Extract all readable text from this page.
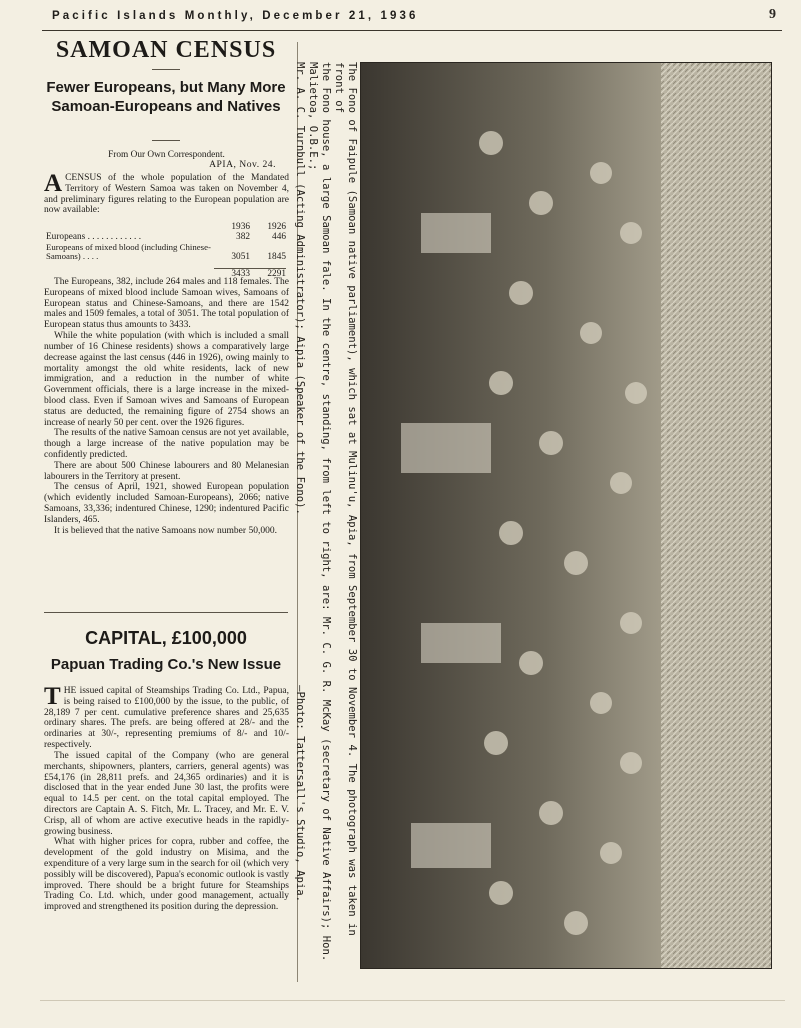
Pacific Islands Monthly, December 21, 1936	9
SAMOAN CENSUS
Fewer Europeans, but Many More Samoan-Europeans and Natives
From Our Own Correspondent.
APIA, Nov. 24.

ACENSUS of the whole population of the Mandated Territory of Western Samoa was taken on November 4, and preliminary figures relating to the European population are now available:

1936	1926
Europeans . . . . . . . . . . . .	382	446
Europeans of mixed blood (including Chinese-Samoans) . . . .	3051	1845
3433	2291

The Europeans, 382, include 264 males and 118 females. The Europeans of mixed blood include Samoan wives, Samoans of European status and Chinese-Samoans, and there are 1542 males and 1509 females, a total of 3051. The total population of European status thus amounts to 3433.

While the white population (with which is included a small number of 16 Chinese residents) shows a comparatively large decrease against the last census (446 in 1926), owing mainly to mortality amongst the old white residents, lack of new immigration, and a reduction in the number of white Government officials, there is a large increase in the mixed-blood class. Even if Samoan wives and Samoans of European status are deducted, the remaining figure of 2754 shows an increase of nearly 50 per cent. over the 1926 figures.

The results of the native Samoan census are not yet available, though a large increase of the native population may be confidently predicted.

There are about 500 Chinese labourers and 80 Melanesian labourers in the Territory at present.

The census of April, 1921, showed European population (which evidently included Samoan-Europeans), 2066; native Samoans, 33,336; indentured Chinese, 1290; indentured Pacific Islanders, 465.

It is believed that the native Samoans now number 50,000.

CAPITAL, £100,000
Papuan Trading Co.'s New Issue

THE issued capital of Steamships Trading Co. Ltd., Papua, is being raised to £100,000 by the issue, to the public, of 28,189 7 per cent. cumulative preference shares and 25,635 ordinary shares. The prefs. are being offered at 28/- and the ordinaries at 30/-, representing premiums of 8/- and 10/- respectively.

The issued capital of the Company (who are general merchants, shipowners, planters, carriers, general agents) was £54,176 (in 28,811 prefs. and 24,365 ordinaries) and it is disclosed that in the year ended June 30 last, the profits were equal to 14.5 per cent. on the total capital employed. The directors are Captain A. S. Fitch, Mr. L. Tracey, and Mr. E. V. Crisp, all of whom are active executive heads in the rapidly-growing business.

What with higher prices for copra, rubber and coffee, the development of the gold industry on Misima, and the expenditure of a very large sum in the search for oil (which very possibly will be discovered), Papua's economic outlook is vastly improved. There should be a bright future for Steamships Trading Co. Ltd. which, under good management, actually improved and strengthened its position during the depression.	The Fono of Faipule (Samoan native parliament), which sat at Mulinu'u, Apia, from September 30 to November 4. The photograph was taken in front of
the Fono house, a large Samoan fale. In the centre, standing, from left to right, are: Mr. C. G. R. McKay (secretary of Native Affairs); Hon. Malietoa, O.B.E.;
Mr. A. C. Turnbull (Acting Administrator); Aipia (Speaker of the Fono).
—Photo: Tattersall's Studio, Apia.
